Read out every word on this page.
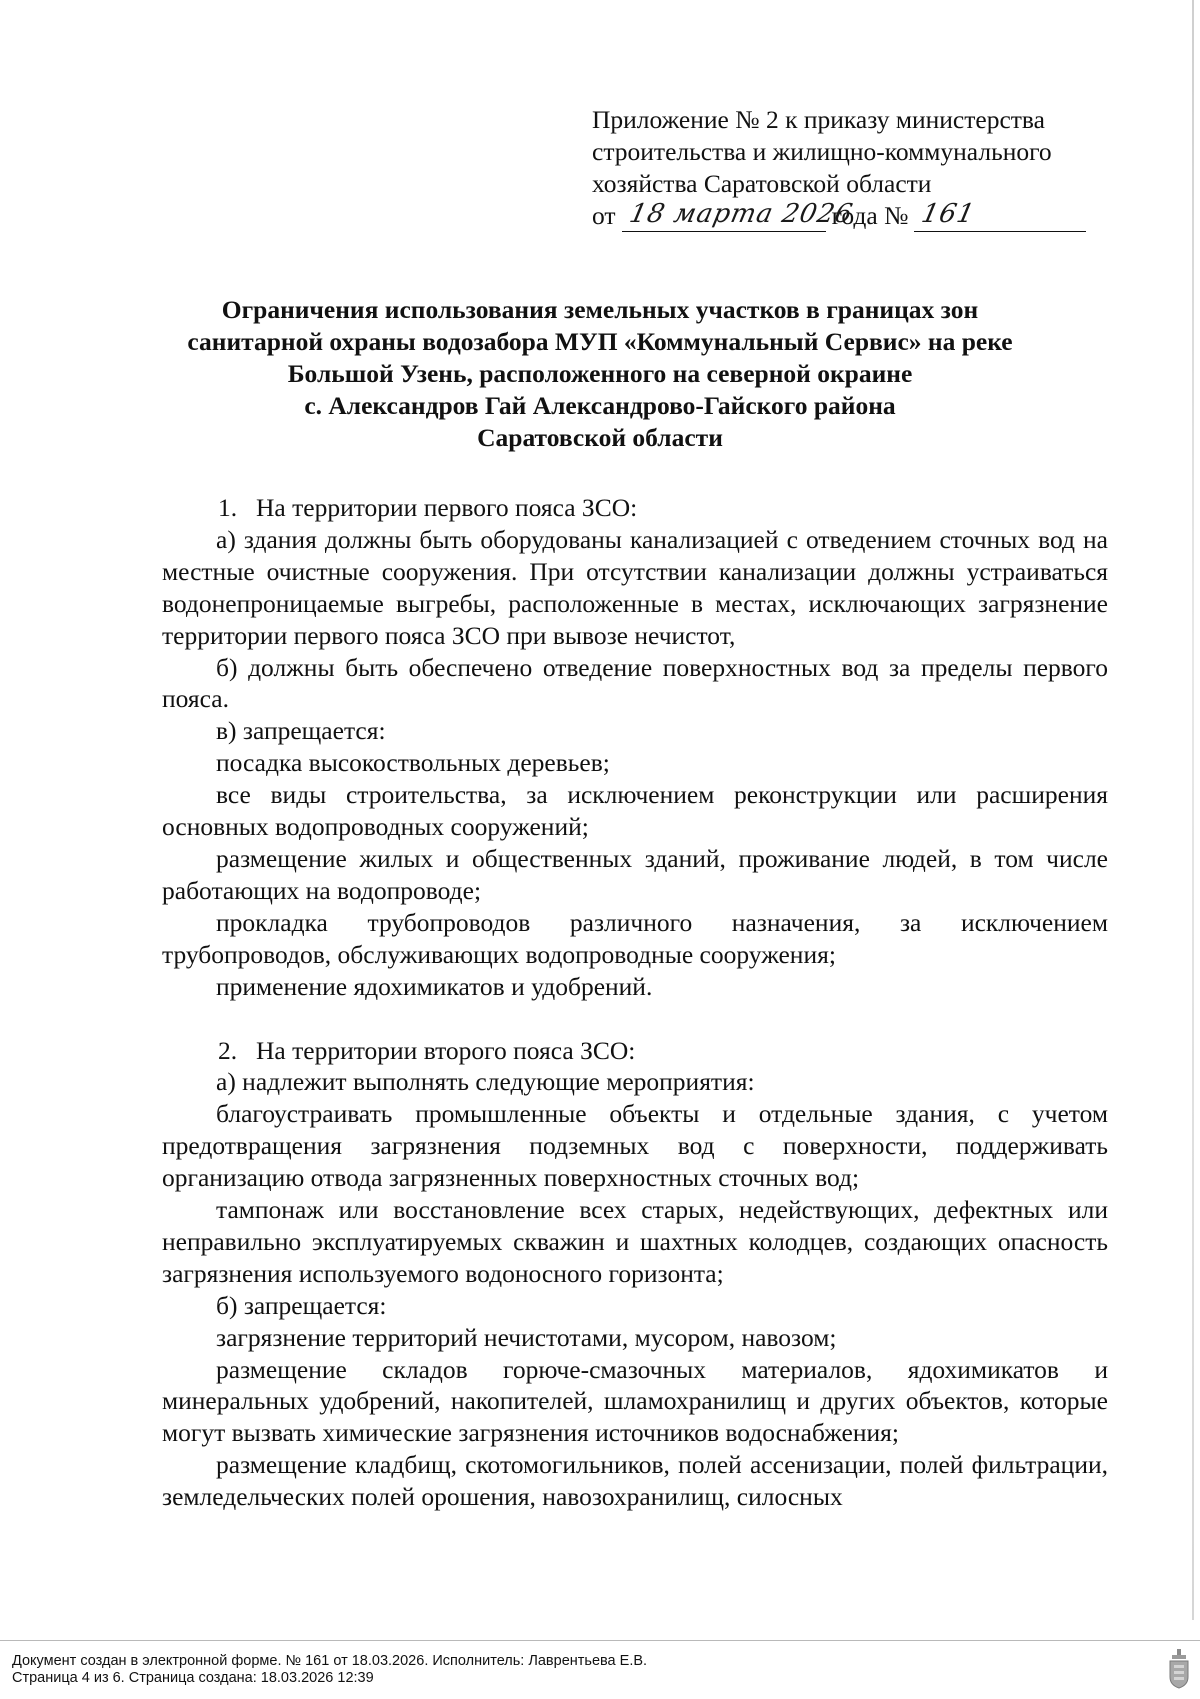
Приложение № 2 к приказу министерства
строительства и жилищно-коммунального
хозяйства Саратовской области
от 18 марта 2026
года № 161
Ограничения использования земельных участков в границах зон
санитарной охраны водозабора МУП «Коммунальный Сервис» на реке
Большой Узень, расположенного на северной окраине
с. Александров Гай Александрово-Гайского района
Саратовской области

1. На территории первого пояса ЗСО:

а) здания должны быть оборудованы канализацией с отведением сточных вод на местные очистные сооружения. При отсутствии канализации должны устраиваться водонепроницаемые выгребы, расположенные в местах, исключающих загрязнение территории первого пояса ЗСО при вывозе нечистот,

б) должны быть обеспечено отведение поверхностных вод за пределы первого пояса.

в) запрещается:

посадка высокоствольных деревьев;

все виды строительства, за исключением реконструкции или расширения основных водопроводных сооружений;

размещение жилых и общественных зданий, проживание людей, в том числе работающих на водопроводе;

прокладка трубопроводов различного назначения, за исключением трубопроводов, обслуживающих водопроводные сооружения;

применение ядохимикатов и удобрений.

2. На территории второго пояса ЗСО:

а) надлежит выполнять следующие мероприятия:

благоустраивать промышленные объекты и отдельные здания, с учетом предотвращения загрязнения подземных вод с поверхности, поддерживать организацию отвода загрязненных поверхностных сточных вод;

тампонаж или восстановление всех старых, недействующих, дефектных или неправильно эксплуатируемых скважин и шахтных колодцев, создающих опасность загрязнения используемого водоносного горизонта;

б) запрещается:

загрязнение территорий нечистотами, мусором, навозом;

размещение складов горюче-смазочных материалов, ядохимикатов и минеральных удобрений, накопителей, шламохранилищ и других объектов, которые могут вызвать химические загрязнения источников водоснабжения;

размещение кладбищ, скотомогильников, полей ассенизации, полей фильтрации, земледельческих полей орошения, навозохранилищ, силосных

Документ создан в электронной форме. № 161 от 18.03.2026. Исполнитель: Лаврентьева Е.В.
Страница 4 из 6. Страница создана: 18.03.2026 12:39
